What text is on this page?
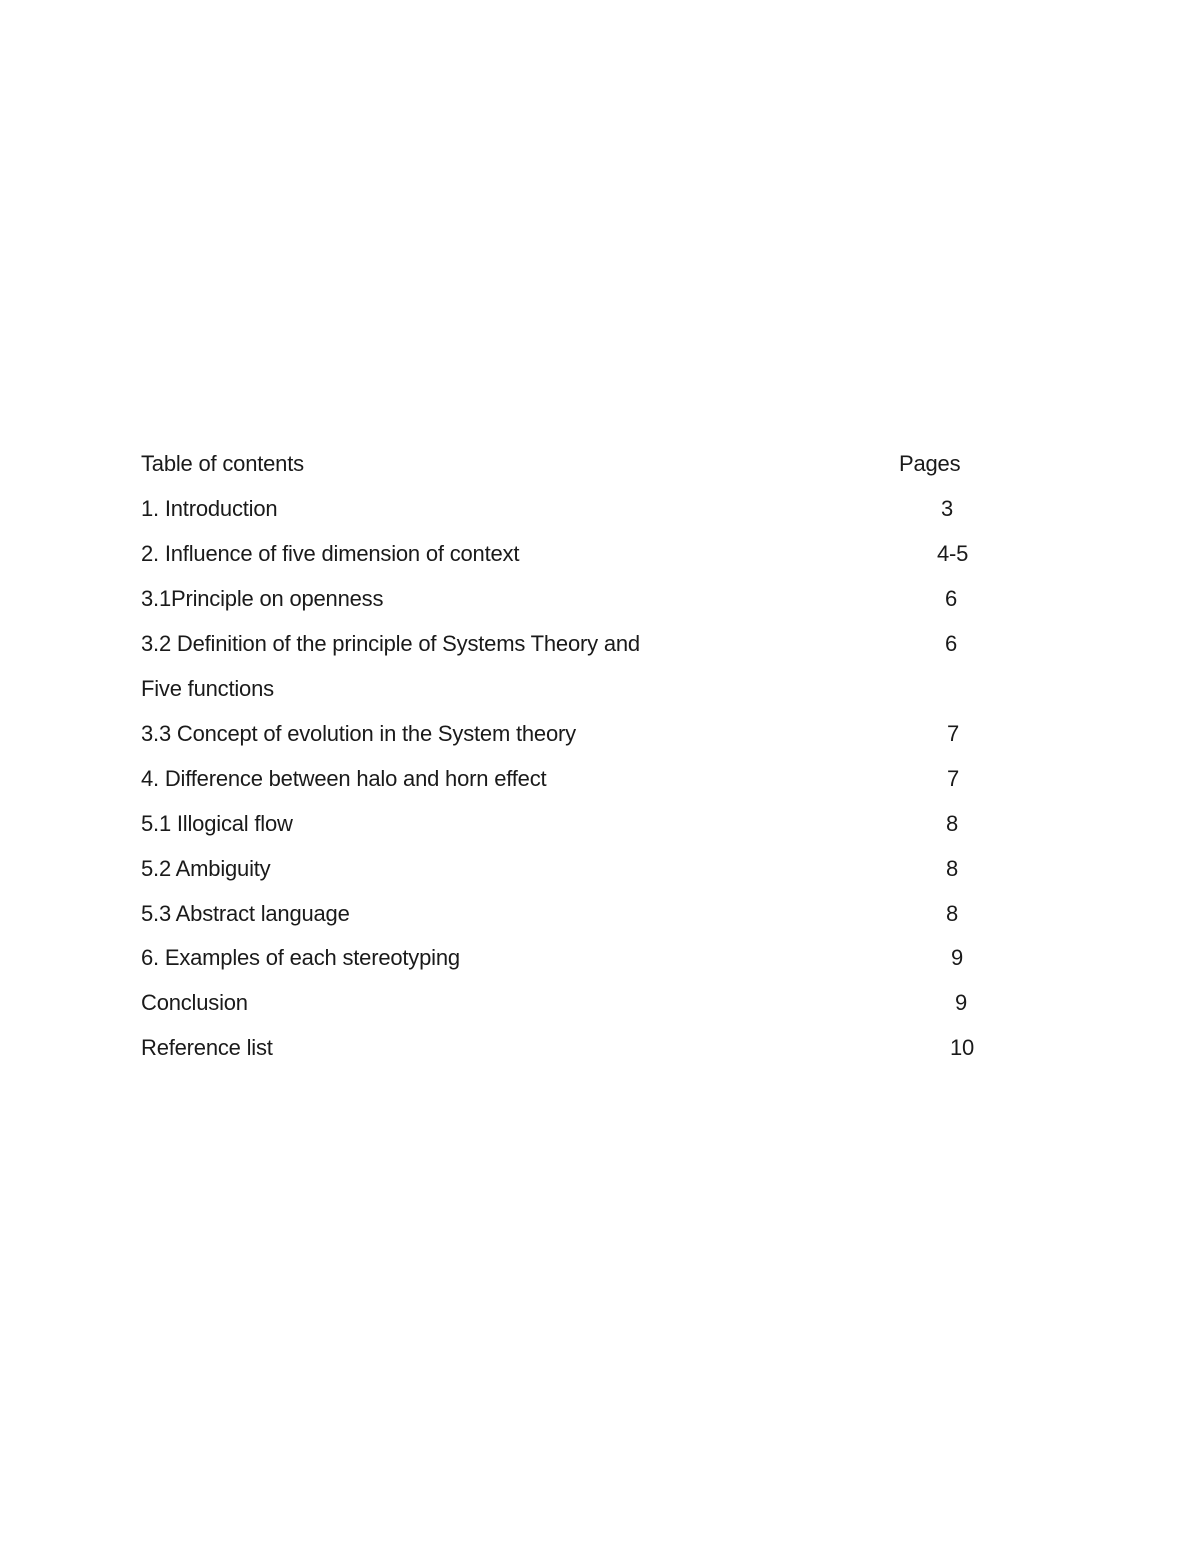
Table of contents	Pages
1. Introduction	3
2. Influence of five dimension of context	4-5
3.1Principle on openness	6
3.2 Definition of the principle of Systems Theory and	6
Five functions
3.3 Concept of evolution in the System theory	7
4. Difference between halo and horn effect	7
5.1 Illogical flow	8
5.2 Ambiguity	8
5.3 Abstract language	8
6. Examples of each stereotyping	9
Conclusion	9
Reference list	10
